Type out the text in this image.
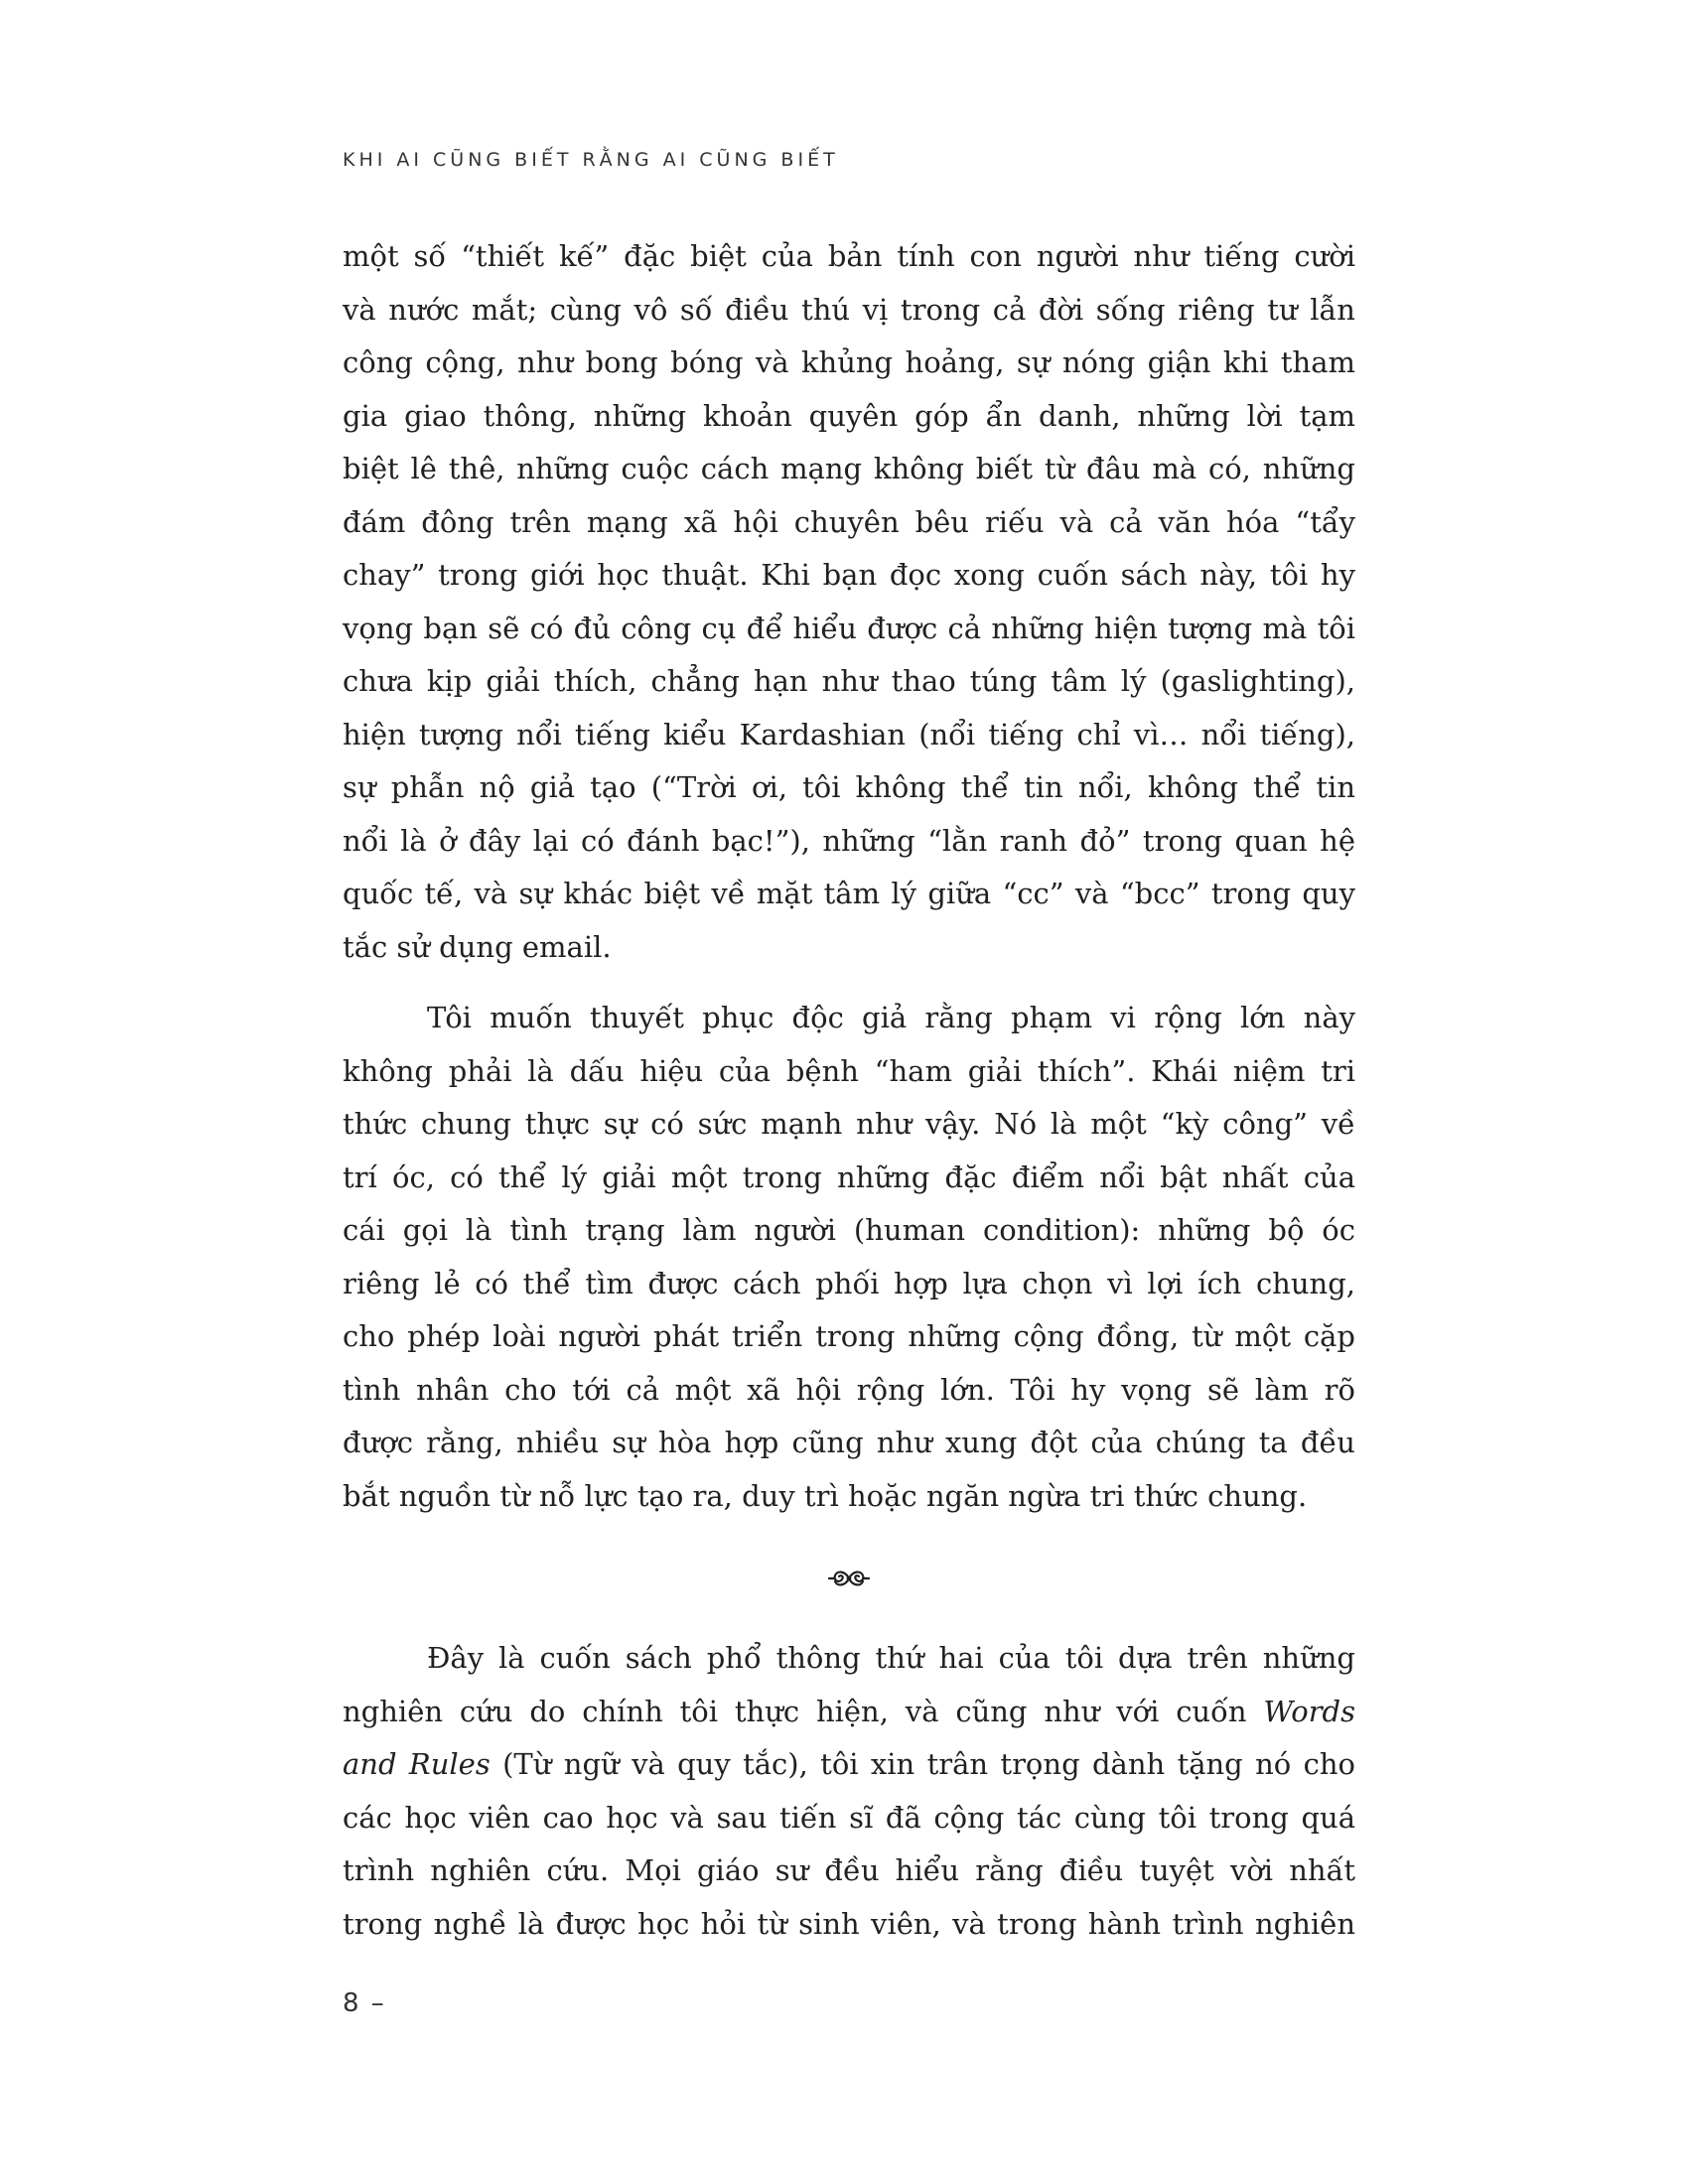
KHI AI CŨNG BIẾT RẰNG AI CŨNG BIẾT
một số “thiết kế” đặc biệt của bản tính con người như tiếng cười
và nước mắt; cùng vô số điều thú vị trong cả đời sống riêng tư lẫn
công cộng, như bong bóng và khủng hoảng, sự nóng giận khi tham
gia giao thông, những khoản quyên góp ẩn danh, những lời tạm
biệt lê thê, những cuộc cách mạng không biết từ đâu mà có, những
đám đông trên mạng xã hội chuyên bêu riếu và cả văn hóa “tẩy
chay” trong giới học thuật. Khi bạn đọc xong cuốn sách này, tôi hy
vọng bạn sẽ có đủ công cụ để hiểu được cả những hiện tượng mà tôi
chưa kịp giải thích, chẳng hạn như thao túng tâm lý (gaslighting),
hiện tượng nổi tiếng kiểu Kardashian (nổi tiếng chỉ vì… nổi tiếng),
sự phẫn nộ giả tạo (“Trời ơi, tôi không thể tin nổi, không thể tin
nổi là ở đây lại có đánh bạc!”), những “lằn ranh đỏ” trong quan hệ
quốc tế, và sự khác biệt về mặt tâm lý giữa “cc” và “bcc” trong quy
tắc sử dụng email.
Tôi muốn thuyết phục độc giả rằng phạm vi rộng lớn này
không phải là dấu hiệu của bệnh “ham giải thích”. Khái niệm tri
thức chung thực sự có sức mạnh như vậy. Nó là một “kỳ công” về
trí óc, có thể lý giải một trong những đặc điểm nổi bật nhất của
cái gọi là tình trạng làm người (human condition): những bộ óc
riêng lẻ có thể tìm được cách phối hợp lựa chọn vì lợi ích chung,
cho phép loài người phát triển trong những cộng đồng, từ một cặp
tình nhân cho tới cả một xã hội rộng lớn. Tôi hy vọng sẽ làm rõ
được rằng, nhiều sự hòa hợp cũng như xung đột của chúng ta đều
bắt nguồn từ nỗ lực tạo ra, duy trì hoặc ngăn ngừa tri thức chung.
Đây là cuốn sách phổ thông thứ hai của tôi dựa trên những
nghiên cứu do chính tôi thực hiện, và cũng như với cuốn Words
and Rules (Từ ngữ và quy tắc), tôi xin trân trọng dành tặng nó cho
các học viên cao học và sau tiến sĩ đã cộng tác cùng tôi trong quá
trình nghiên cứu. Mọi giáo sư đều hiểu rằng điều tuyệt vời nhất
trong nghề là được học hỏi từ sinh viên, và trong hành trình nghiên
8 –
